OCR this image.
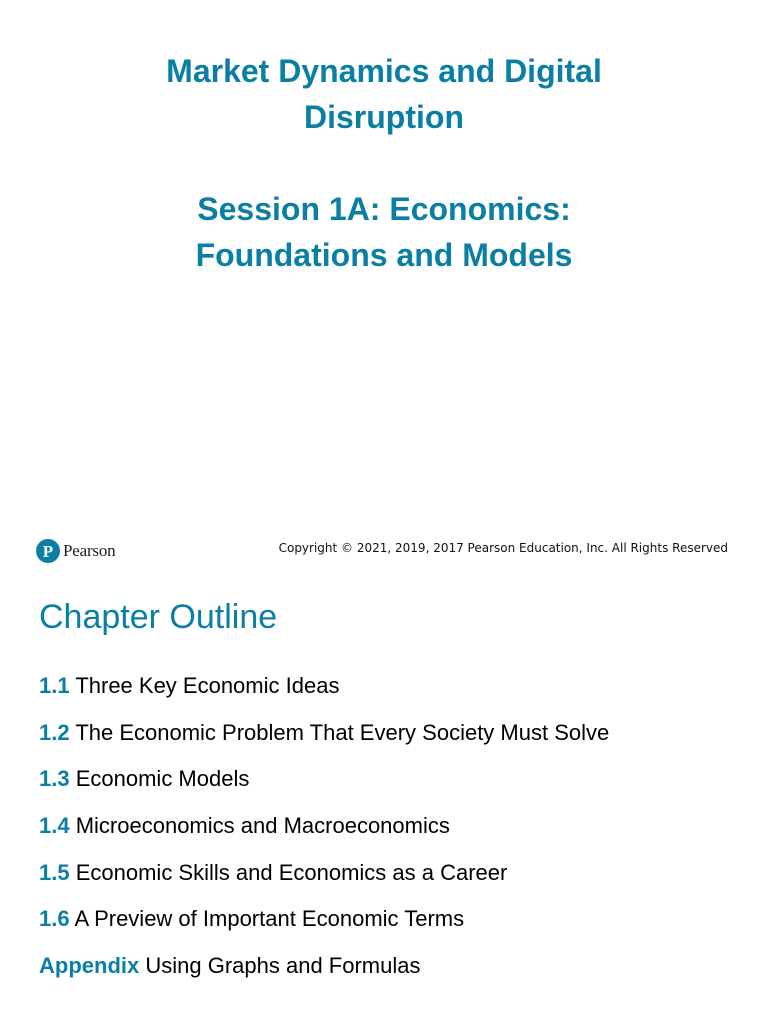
Market Dynamics and Digital
Disruption
Session 1A: Economics:
Foundations and Models
P Pearson	Copyright © 2021, 2019, 2017 Pearson Education, Inc. All Rights Reserved
Chapter Outline
1.1 Three Key Economic Ideas
1.2 The Economic Problem That Every Society Must Solve
1.3 Economic Models
1.4 Microeconomics and Macroeconomics
1.5 Economic Skills and Economics as a Career
1.6 A Preview of Important Economic Terms
Appendix Using Graphs and Formulas
